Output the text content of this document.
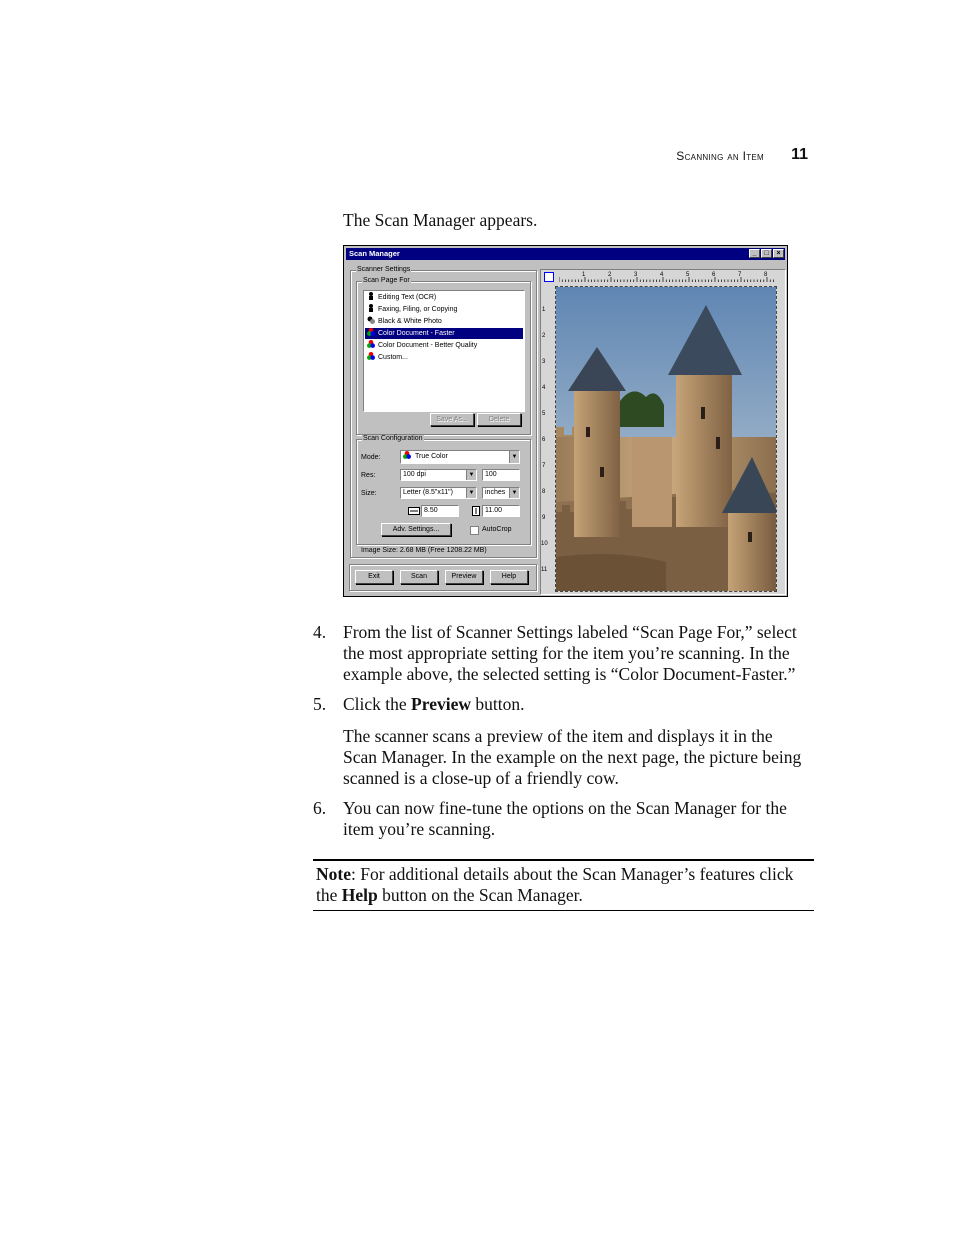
Scanning an Item 11
The Scan Manager appears.
Scan Manager	_	□	×
Scanner Settings
Scan Page For
Editing Text (OCR)
Faxing, Filing, or Copying
Black & White Photo
Color Document - Faster
Color Document - Better Quality
Custom...
Save As...	Delete
Scan Configuration
Mode:	True Color	▼
Res:	100 dpi	▼	100
Size:	Letter (8.5"x11")	▼	inches	▼
8.50	11.00
Adv. Settings...	AutoCrop
Image Size: 2.68 MB (Free 1208.22 MB)
Exit	Scan	Preview	Help
1	2	3	4	5	6	7	8
1
2
3
4
5
6
7
8
9
10
11
4. From the list of Scanner Settings labeled “Scan Page For,” select the most appropriate setting for the item you’re scanning. In the example above, the selected setting is “Color Document-Faster.”
5. Click the Preview button.
The scanner scans a preview of the item and displays it in the Scan Manager. In the example on the next page, the picture being scanned is a close-up of a friendly cow.
6. You can now fine-tune the options on the Scan Manager for the item you’re scanning.
Note: For additional details about the Scan Manager’s features click the Help button on the Scan Manager.
